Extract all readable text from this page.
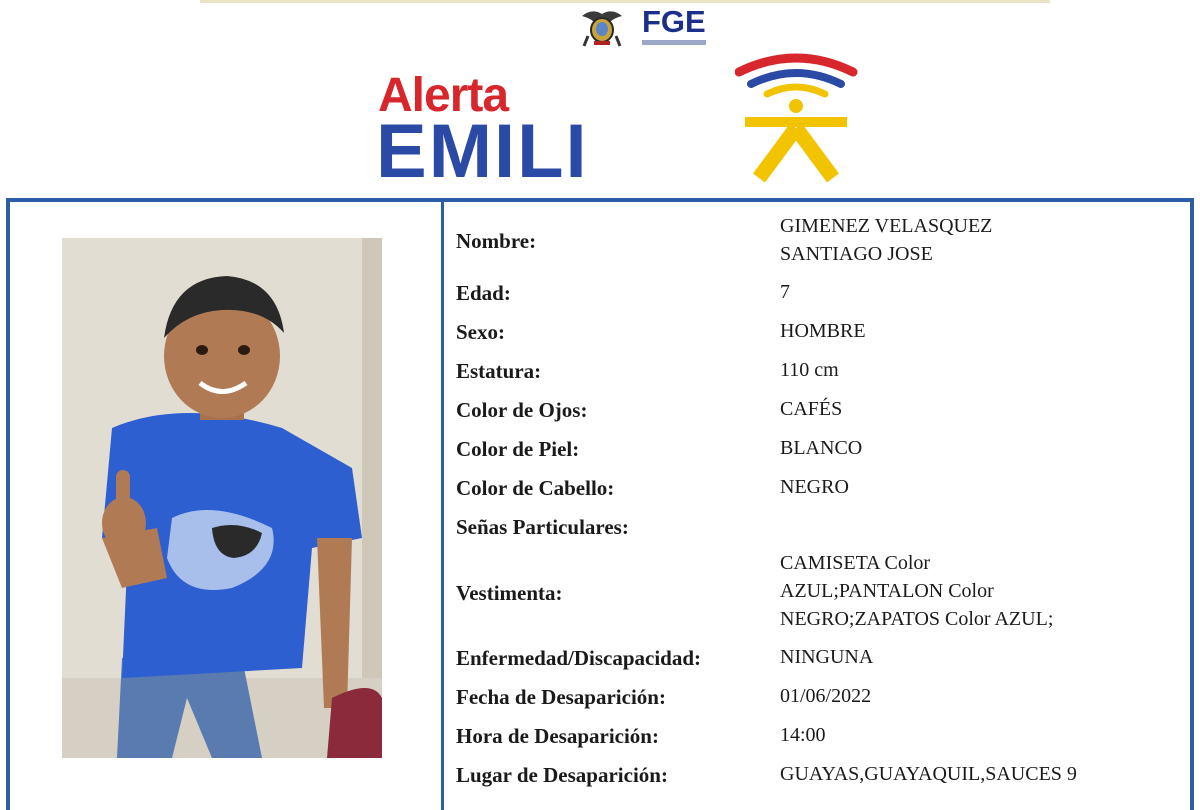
FGE
Alerta
EMILI
Nombre:
Edad:
Sexo:
Estatura:
Color de Ojos:
Color de Piel:
Color de Cabello:
Señas Particulares:
Vestimenta:
Enfermedad/Discapacidad:
Fecha de Desaparición:
Hora de Desaparición:
Lugar de Desaparición:
GIMENEZ VELASQUEZ
SANTIAGO JOSE
7
HOMBRE
110 cm
CAFÉS
BLANCO
NEGRO
CAMISETA Color
AZUL;PANTALON Color
NEGRO;ZAPATOS Color AZUL;
NINGUNA
01/06/2022
14:00
GUAYAS,GUAYAQUIL,SAUCES 9
